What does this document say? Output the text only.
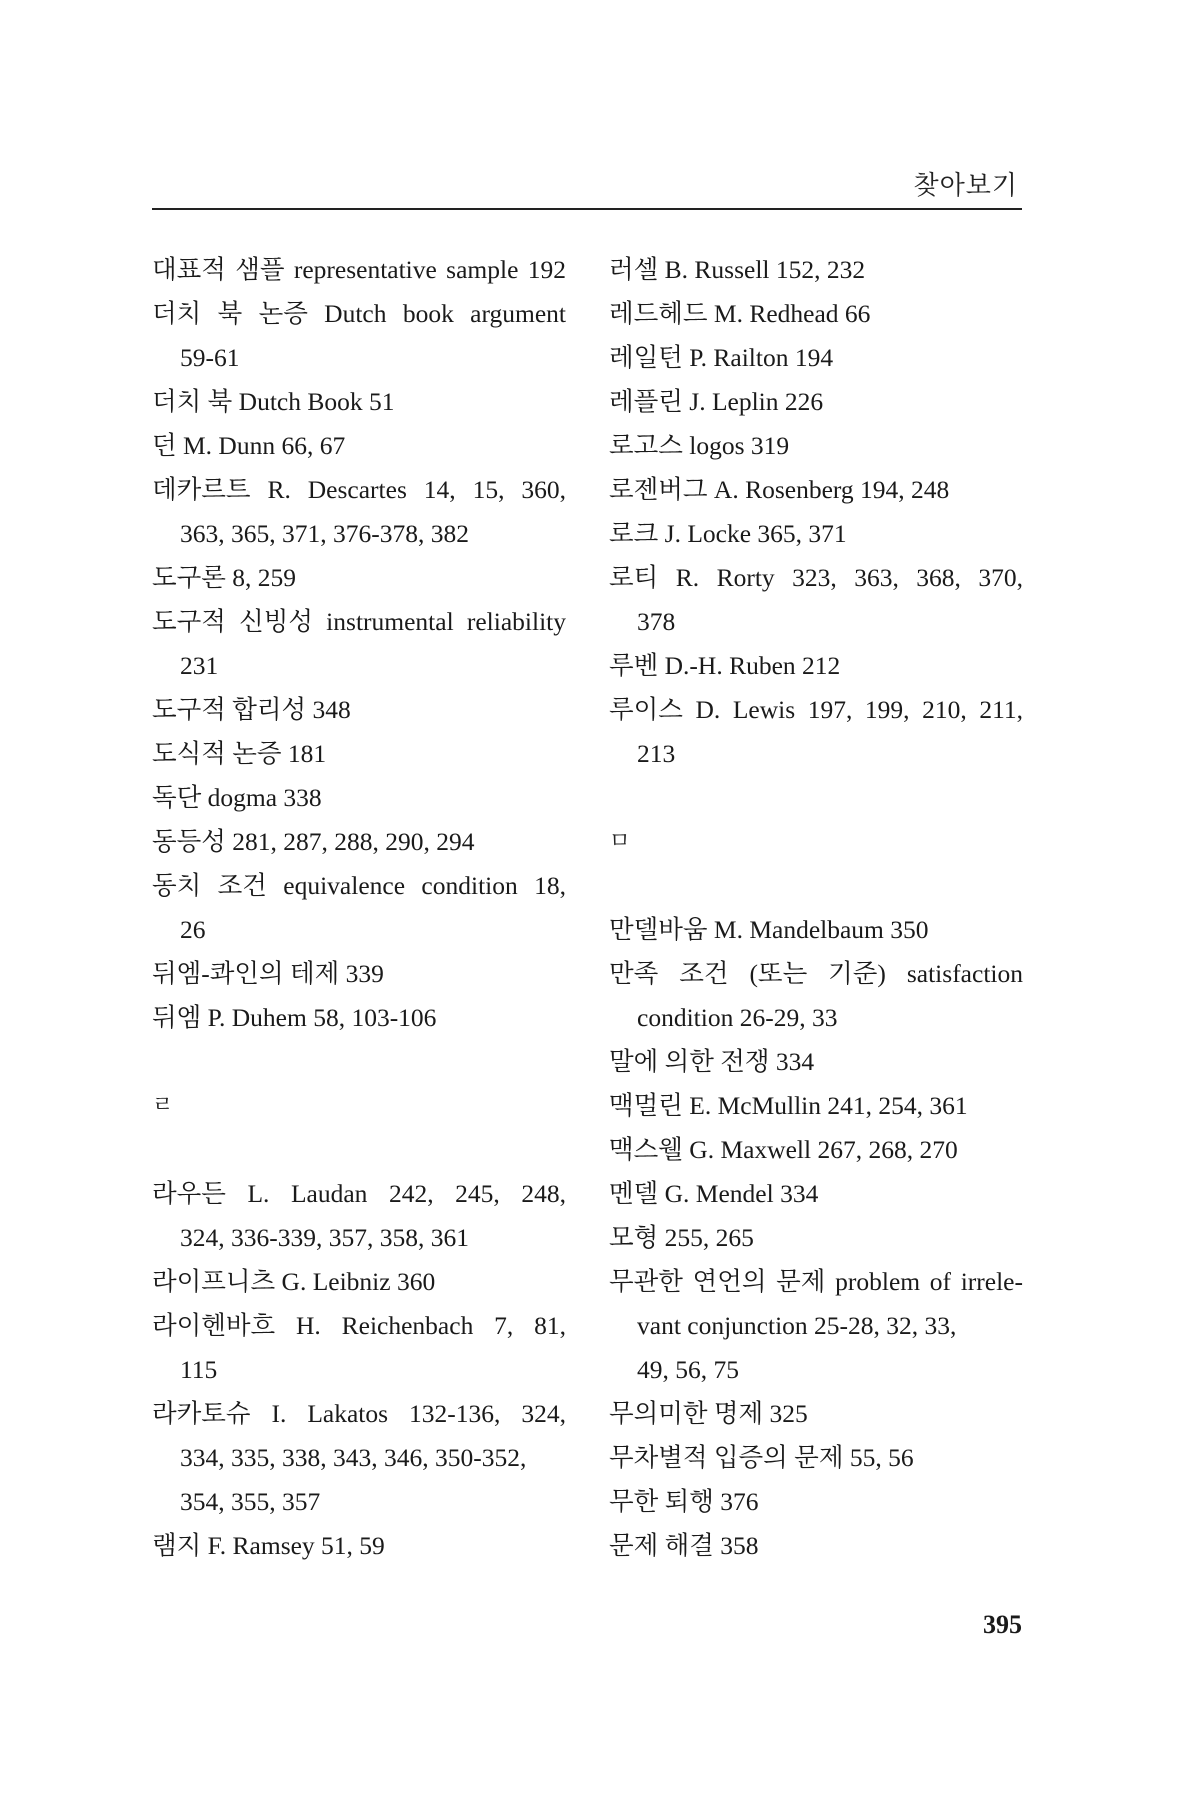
찾아보기
대표적 샘플 representative sample 192
더치 북 논증 Dutch book argument
59-61
더치 북 Dutch Book 51
던 M. Dunn 66, 67
데카르트 R. Descartes 14, 15, 360,
363, 365, 371, 376-378, 382
도구론 8, 259
도구적 신빙성 instrumental reliability
231
도구적 합리성 348
도식적 논증 181
독단 dogma 338
동등성 281, 287, 288, 290, 294
동치 조건 equivalence condition 18,
26
뒤엠-콰인의 테제 339
뒤엠 P. Duhem 58, 103-106
ㄹ
라우든 L. Laudan 242, 245, 248,
324, 336-339, 357, 358, 361
라이프니츠 G. Leibniz 360
라이헨바흐 H. Reichenbach 7, 81,
115
라카토슈 I. Lakatos 132-136, 324,
334, 335, 338, 343, 346, 350-352,
354, 355, 357
램지 F. Ramsey 51, 59
러셀 B. Russell 152, 232
레드헤드 M. Redhead 66
레일턴 P. Railton 194
레플린 J. Leplin 226
로고스 logos 319
로젠버그 A. Rosenberg 194, 248
로크 J. Locke 365, 371
로티 R. Rorty 323, 363, 368, 370,
378
루벤 D.-H. Ruben 212
루이스 D. Lewis 197, 199, 210, 211,
213
ㅁ
만델바움 M. Mandelbaum 350
만족 조건 (또는 기준) satisfaction
condition 26-29, 33
말에 의한 전쟁 334
맥멀린 E. McMullin 241, 254, 361
맥스웰 G. Maxwell 267, 268, 270
멘델 G. Mendel 334
모형 255, 265
무관한 연언의 문제 problem of irrele-
vant conjunction 25-28, 32, 33,
49, 56, 75
무의미한 명제 325
무차별적 입증의 문제 55, 56
무한 퇴행 376
문제 해결 358
395
